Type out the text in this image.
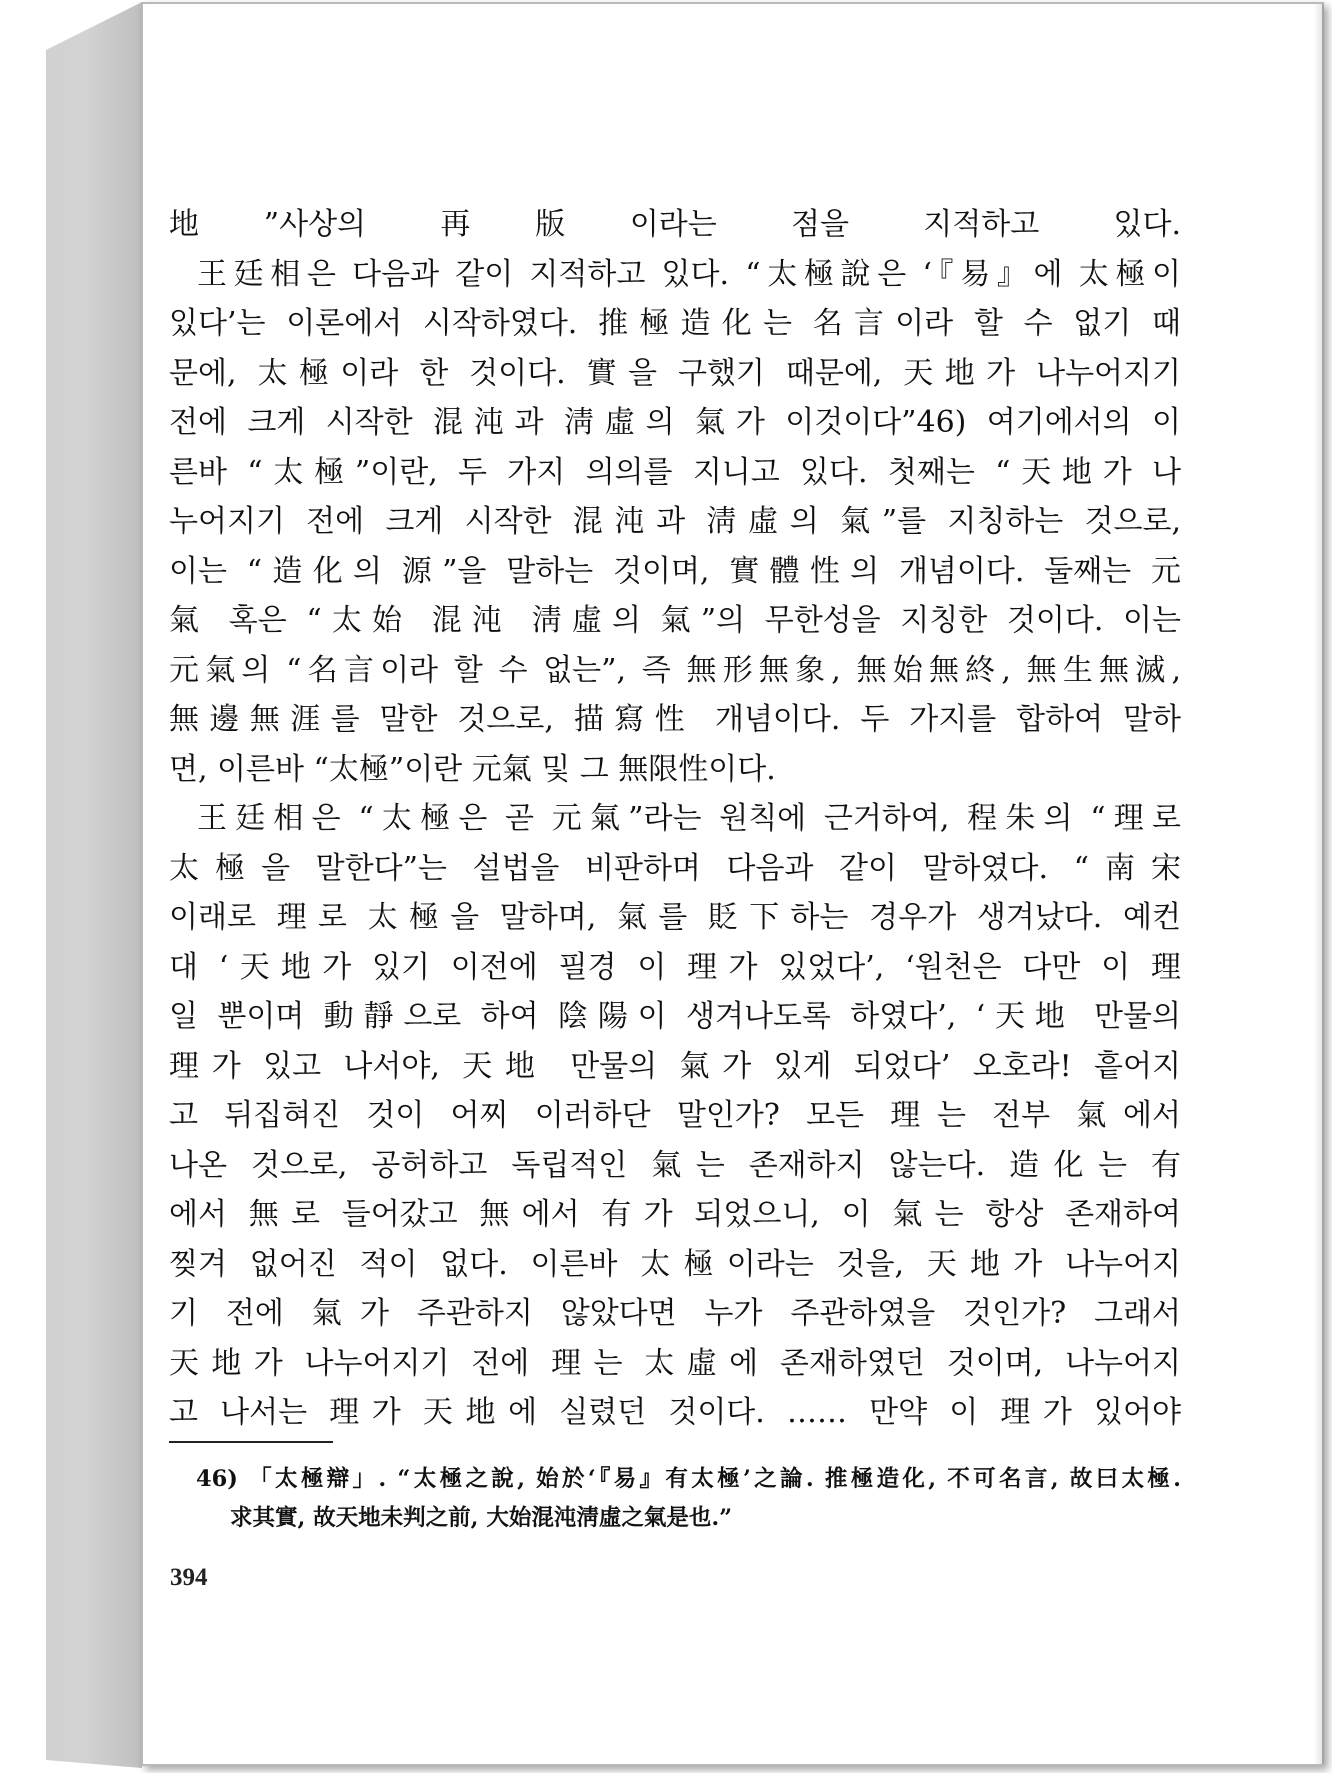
地”사상의 再版이라는 점을 지적하고 있다.
王廷相은 다음과 같이 지적하고 있다. “太極說은 ‘『易』에 太極이
있다’는 이론에서 시작하였다. 推極造化는 名言이라 할 수 없기 때
문에, 太極이라 한 것이다. 實을 구했기 때문에, 天地가 나누어지기
전에 크게 시작한 混沌과 淸虛의 氣가 이것이다”46) 여기에서의 이
른바 “太極”이란, 두 가지 의의를 지니고 있다. 첫째는 “天地가 나
누어지기 전에 크게 시작한 混沌과 淸虛의 氣”를 지칭하는 것으로,
이는 “造化의 源”을 말하는 것이며, 實體性의 개념이다. 둘째는 元
氣 혹은 “太始 混沌 淸虛의 氣”의 무한성을 지칭한 것이다. 이는
元氣의 “名言이라 할 수 없는”, 즉 無形無象, 無始無終, 無生無滅,
無邊無涯를 말한 것으로, 描寫性 개념이다. 두 가지를 합하여 말하
면, 이른바 “太極”이란 元氣 및 그 無限性이다.
王廷相은 “太極은 곧 元氣”라는 원칙에 근거하여, 程朱의 “理로
太極을 말한다”는 설법을 비판하며 다음과 같이 말하였다. “南宋
이래로 理로 太極을 말하며, 氣를 貶下하는 경우가 생겨났다. 예컨
대 ‘天地가 있기 이전에 필경 이 理가 있었다’, ‘원천은 다만 이 理
일 뿐이며 動靜으로 하여 陰陽이 생겨나도록 하였다’, ‘天地 만물의
理가 있고 나서야, 天地 만물의 氣가 있게 되었다’ 오호라! 흩어지
고 뒤집혀진 것이 어찌 이러하단 말인가? 모든 理는 전부 氣에서
나온 것으로, 공허하고 독립적인 氣는 존재하지 않는다. 造化는 有
에서 無로 들어갔고 無에서 有가 되었으니, 이 氣는 항상 존재하여
찢겨 없어진 적이 없다. 이른바 太極이라는 것을, 天地가 나누어지
기 전에 氣가 주관하지 않았다면 누가 주관하였을 것인가? 그래서
天地가 나누어지기 전에 理는 太虛에 존재하였던 것이며, 나누어지
고 나서는 理가 天地에 실렸던 것이다. …… 만약 이 理가 있어야
46) 「太極辯」. “太極之說, 始於‘『易』有太極’之論. 推極造化, 不可名言, 故曰太極.
求其實, 故天地未判之前, 大始混沌淸虛之氣是也.”
394
